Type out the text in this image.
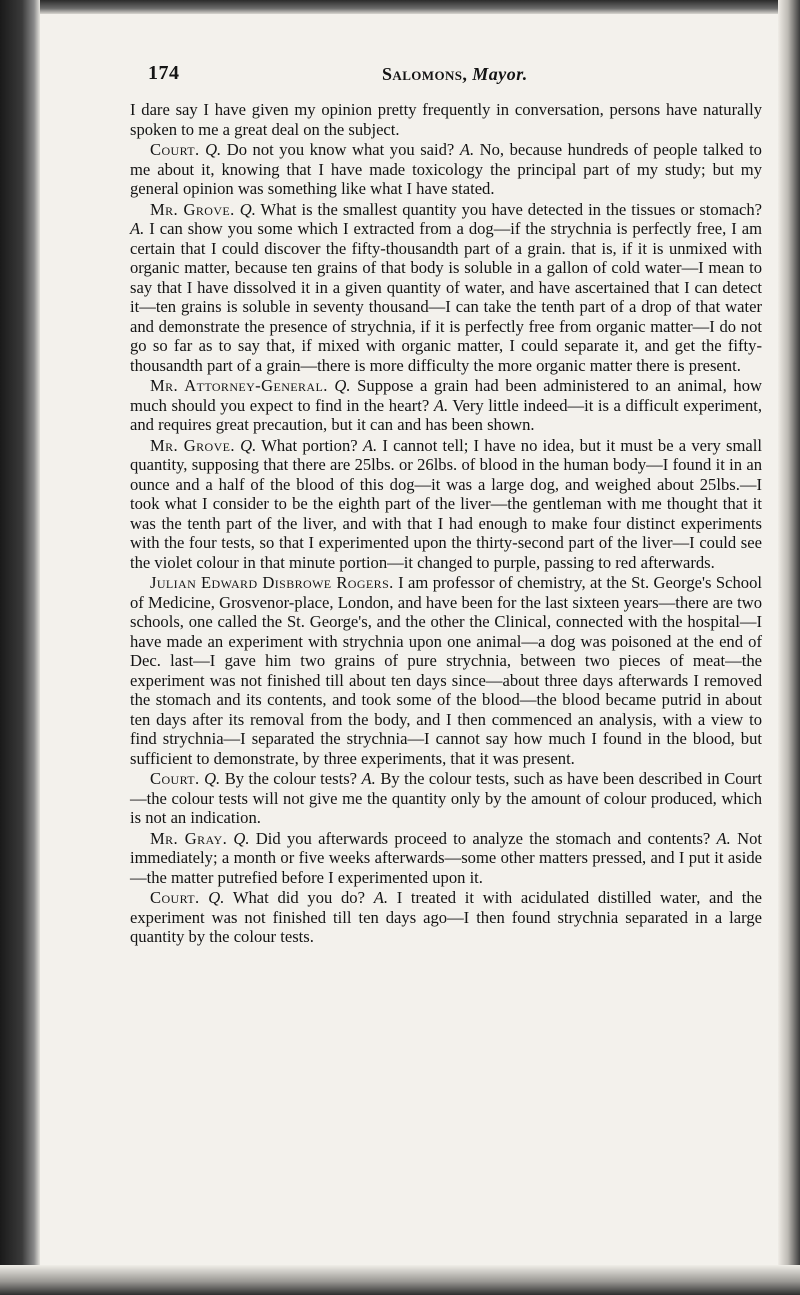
174	Salomons, Mayor.

I dare say I have given my opinion pretty frequently in conversation, persons have naturally spoken to me a great deal on the subject.

Court. Q. Do not you know what you said? A. No, because hundreds of people talked to me about it, knowing that I have made toxicology the principal part of my study; but my general opinion was something like what I have stated.

Mr. Grove. Q. What is the smallest quantity you have detected in the tissues or stomach? A. I can show you some which I extracted from a dog—if the strychnia is perfectly free, I am certain that I could discover the fifty-thousandth part of a grain. that is, if it is unmixed with organic matter, because ten grains of that body is soluble in a gallon of cold water—I mean to say that I have dissolved it in a given quantity of water, and have ascertained that I can detect it—ten grains is soluble in seventy thousand—I can take the tenth part of a drop of that water and demonstrate the presence of strychnia, if it is perfectly free from organic matter—I do not go so far as to say that, if mixed with organic matter, I could separate it, and get the fifty-thousandth part of a grain—there is more difficulty the more organic matter there is present.

Mr. Attorney-General. Q. Suppose a grain had been administered to an animal, how much should you expect to find in the heart? A. Very little indeed—it is a difficult experiment, and requires great precaution, but it can and has been shown.

Mr. Grove. Q. What portion? A. I cannot tell; I have no idea, but it must be a very small quantity, supposing that there are 25lbs. or 26lbs. of blood in the human body—I found it in an ounce and a half of the blood of this dog—it was a large dog, and weighed about 25lbs.—I took what I consider to be the eighth part of the liver—the gentleman with me thought that it was the tenth part of the liver, and with that I had enough to make four distinct experiments with the four tests, so that I experimented upon the thirty-second part of the liver—I could see the violet colour in that minute portion—it changed to purple, passing to red afterwards.

Julian Edward Disbrowe Rogers. I am professor of chemistry, at the St. George's School of Medicine, Grosvenor-place, London, and have been for the last sixteen years—there are two schools, one called the St. George's, and the other the Clinical, connected with the hospital—I have made an experiment with strychnia upon one animal—a dog was poisoned at the end of Dec. last—I gave him two grains of pure strychnia, between two pieces of meat—the experiment was not finished till about ten days since—about three days afterwards I removed the stomach and its contents, and took some of the blood—the blood became putrid in about ten days after its removal from the body, and I then commenced an analysis, with a view to find strychnia—I separated the strychnia—I cannot say how much I found in the blood, but sufficient to demonstrate, by three experiments, that it was present.

Court. Q. By the colour tests? A. By the colour tests, such as have been described in Court—the colour tests will not give me the quantity only by the amount of colour produced, which is not an indication.

Mr. Gray. Q. Did you afterwards proceed to analyze the stomach and contents? A. Not immediately; a month or five weeks afterwards—some other matters pressed, and I put it aside—the matter putrefied before I experimented upon it.

Court. Q. What did you do? A. I treated it with acidulated distilled water, and the experiment was not finished till ten days ago—I then found strychnia separated in a large quantity by the colour tests.
